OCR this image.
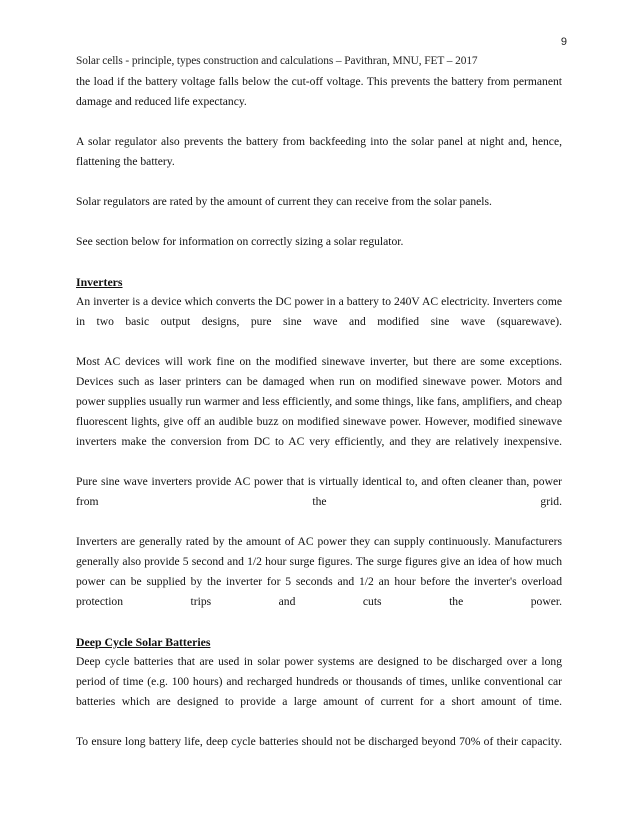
9
Solar cells - principle, types construction and calculations – Pavithran, MNU, FET – 2017

the load if the battery voltage falls below the cut-off voltage. This prevents the battery from permanent damage and reduced life expectancy.

A solar regulator also prevents the battery from backfeeding into the solar panel at night and, hence, flattening the battery.

Solar regulators are rated by the amount of current they can receive from the solar panels.

See section below for information on correctly sizing a solar regulator.

Inverters

An inverter is a device which converts the DC power in a battery to 240V AC electricity. Inverters come in two basic output designs, pure sine wave and modified sine wave (squarewave).

Most AC devices will work fine on the modified sinewave inverter, but there are some exceptions. Devices such as laser printers can be damaged when run on modified sinewave power. Motors and power supplies usually run warmer and less efficiently, and some things, like fans, amplifiers, and cheap fluorescent lights, give off an audible buzz on modified sinewave power. However, modified sinewave inverters make the conversion from DC to AC very efficiently, and they are relatively inexpensive.

Pure sine wave inverters provide AC power that is virtually identical to, and often cleaner than, power from the grid.

Inverters are generally rated by the amount of AC power they can supply continuously. Manufacturers generally also provide 5 second and 1/2 hour surge figures. The surge figures give an idea of how much power can be supplied by the inverter for 5 seconds and 1/2 an hour before the inverter's overload protection trips and cuts the power.

Deep Cycle Solar Batteries

Deep cycle batteries that are used in solar power systems are designed to be discharged over a long period of time (e.g. 100 hours) and recharged hundreds or thousands of times, unlike conventional car batteries which are designed to provide a large amount of current for a short amount of time.

To ensure long battery life, deep cycle batteries should not be discharged beyond 70% of their capacity.
